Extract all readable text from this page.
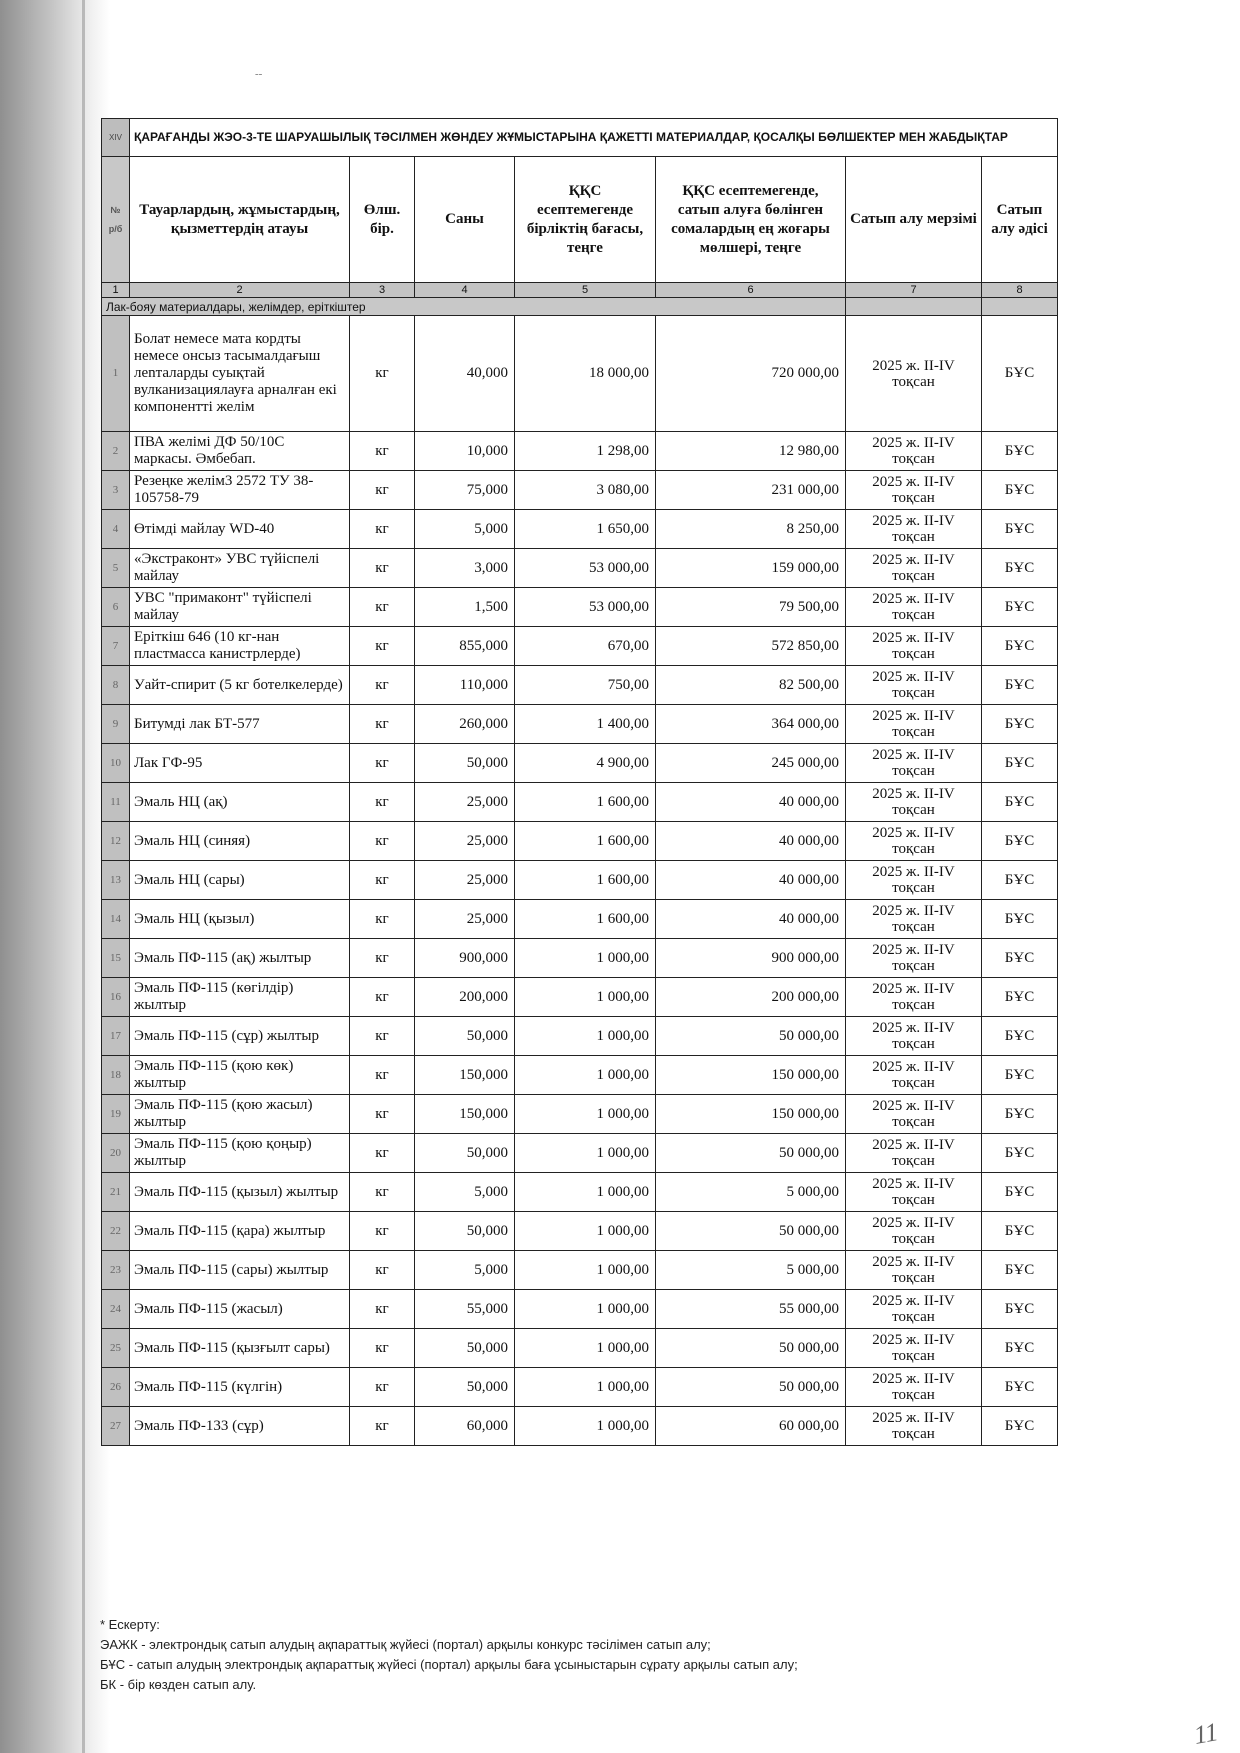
--
XIV	ҚАРАҒАНДЫ ЖЭО-3-ТЕ ШАРУАШЫЛЫҚ ТӘСІЛМЕН ЖӨНДЕУ ЖҰМЫСТАРЫНА ҚАЖЕТТІ МАТЕРИАЛДАР, ҚОСАЛҚЫ БӨЛШЕКТЕР МЕН ЖАБДЫҚТАР						
№ р/б	Тауарлардың, жұмыстардың, қызметтердің атауы	Өлш. бір.	Саны	ҚҚС есептемегенде бірліктің бағасы, теңге	ҚҚС есептемегенде, сатып алуға бөлінген сомалардың ең жоғары мөлшері, теңге	Сатып алу мерзімі	Сатып алу әдісі
1	2	3	4	5	6	7	8
Лак-бояу материалдары, желімдер, еріткіштер							
1	Болат немесе мата кордты немесе онсыз тасымалдағыш лenталарды суықтай вулканизациялауға арналған екі компонентті желім	кг	40,000	18 000,00	720 000,00	2025 ж. II-IV тоқсан	БҰС
2	ПВА желімі ДФ 50/10С маркасы. Әмбебап.	кг	10,000	1 298,00	12 980,00	2025 ж. II-IV тоқсан	БҰС
3	Резеңке желім3 2572 ТУ 38-105758-79	кг	75,000	3 080,00	231 000,00	2025 ж. II-IV тоқсан	БҰС
4	Өтімді майлау WD-40	кг	5,000	1 650,00	8 250,00	2025 ж. II-IV тоқсан	БҰС
5	«Экстраконт» УВС түйіспелі майлау	кг	3,000	53 000,00	159 000,00	2025 ж. II-IV тоқсан	БҰС
6	УВС "примаконт" түйіспелі майлау	кг	1,500	53 000,00	79 500,00	2025 ж. II-IV тоқсан	БҰС
7	Еріткіш 646 (10 кг-нан пластмасса канистрлерде)	кг	855,000	670,00	572 850,00	2025 ж. II-IV тоқсан	БҰС
8	Уайт-спирит (5 кг ботелкелерде)	кг	110,000	750,00	82 500,00	2025 ж. II-IV тоқсан	БҰС
9	Битумді лак БТ-577	кг	260,000	1 400,00	364 000,00	2025 ж. II-IV тоқсан	БҰС
10	Лак ГФ-95	кг	50,000	4 900,00	245 000,00	2025 ж. II-IV тоқсан	БҰС
11	Эмаль НЦ (ақ)	кг	25,000	1 600,00	40 000,00	2025 ж. II-IV тоқсан	БҰС
12	Эмаль НЦ (синяя)	кг	25,000	1 600,00	40 000,00	2025 ж. II-IV тоқсан	БҰС
13	Эмаль НЦ (сары)	кг	25,000	1 600,00	40 000,00	2025 ж. II-IV тоқсан	БҰС
14	Эмаль НЦ (қызыл)	кг	25,000	1 600,00	40 000,00	2025 ж. II-IV тоқсан	БҰС
15	Эмаль ПФ-115 (ақ) жылтыр	кг	900,000	1 000,00	900 000,00	2025 ж. II-IV тоқсан	БҰС
16	Эмаль ПФ-115 (көгілдір) жылтыр	кг	200,000	1 000,00	200 000,00	2025 ж. II-IV тоқсан	БҰС
17	Эмаль ПФ-115 (сұр) жылтыр	кг	50,000	1 000,00	50 000,00	2025 ж. II-IV тоқсан	БҰС
18	Эмаль ПФ-115 (қою көк) жылтыр	кг	150,000	1 000,00	150 000,00	2025 ж. II-IV тоқсан	БҰС
19	Эмаль ПФ-115 (қою жасыл) жылтыр	кг	150,000	1 000,00	150 000,00	2025 ж. II-IV тоқсан	БҰС
20	Эмаль ПФ-115 (қою қоңыр) жылтыр	кг	50,000	1 000,00	50 000,00	2025 ж. II-IV тоқсан	БҰС
21	Эмаль ПФ-115 (қызыл) жылтыр	кг	5,000	1 000,00	5 000,00	2025 ж. II-IV тоқсан	БҰС
22	Эмаль ПФ-115 (қара) жылтыр	кг	50,000	1 000,00	50 000,00	2025 ж. II-IV тоқсан	БҰС
23	Эмаль ПФ-115 (сары) жылтыр	кг	5,000	1 000,00	5 000,00	2025 ж. II-IV тоқсан	БҰС
24	Эмаль ПФ-115 (жасыл)	кг	55,000	1 000,00	55 000,00	2025 ж. II-IV тоқсан	БҰС
25	Эмаль ПФ-115 (қызғылт сары)	кг	50,000	1 000,00	50 000,00	2025 ж. II-IV тоқсан	БҰС
26	Эмаль ПФ-115 (күлгін)	кг	50,000	1 000,00	50 000,00	2025 ж. II-IV тоқсан	БҰС
27	Эмаль ПФ-133 (сұр)	кг	60,000	1 000,00	60 000,00	2025 ж. II-IV тоқсан	БҰС
* Ескерту:
ЭАЖК - электрондық сатып алудың ақпараттық жүйесі (портал) арқылы конкурс тәсілімен сатып алу;
БҰС - сатып алудың электрондық ақпараттық жүйесі (портал) арқылы баға ұсыныстарын сұрату арқылы сатып алу;
БК - бір көзден сатып алу.
11
